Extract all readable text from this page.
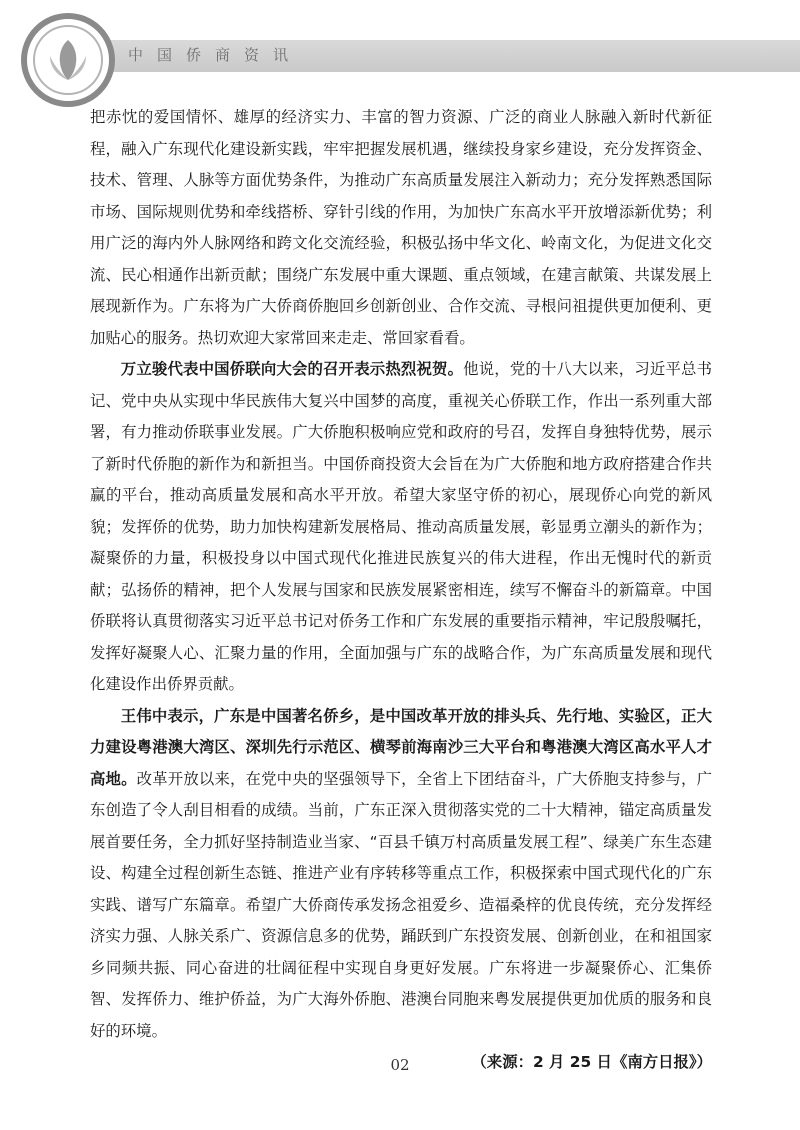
中国侨商资讯

把赤忱的爱国情怀、雄厚的经济实力、丰富的智力资源、广泛的商业人脉融入新时代新征程，融入广东现代化建设新实践，牢牢把握发展机遇，继续投身家乡建设，充分发挥资金、技术、管理、人脉等方面优势条件，为推动广东高质量发展注入新动力；充分发挥熟悉国际市场、国际规则优势和牵线搭桥、穿针引线的作用，为加快广东高水平开放增添新优势；利用广泛的海内外人脉网络和跨文化交流经验，积极弘扬中华文化、岭南文化，为促进文化交流、民心相通作出新贡献；围绕广东发展中重大课题、重点领域，在建言献策、共谋发展上展现新作为。广东将为广大侨商侨胞回乡创新创业、合作交流、寻根问祖提供更加便利、更加贴心的服务。热切欢迎大家常回来走走、常回家看看。

万立骏代表中国侨联向大会的召开表示热烈祝贺。他说，党的十八大以来，习近平总书记、党中央从实现中华民族伟大复兴中国梦的高度，重视关心侨联工作，作出一系列重大部署，有力推动侨联事业发展。广大侨胞积极响应党和政府的号召，发挥自身独特优势，展示了新时代侨胞的新作为和新担当。中国侨商投资大会旨在为广大侨胞和地方政府搭建合作共赢的平台，推动高质量发展和高水平开放。希望大家坚守侨的初心，展现侨心向党的新风貌；发挥侨的优势，助力加快构建新发展格局、推动高质量发展，彰显勇立潮头的新作为；凝聚侨的力量，积极投身以中国式现代化推进民族复兴的伟大进程，作出无愧时代的新贡献；弘扬侨的精神，把个人发展与国家和民族发展紧密相连，续写不懈奋斗的新篇章。中国侨联将认真贯彻落实习近平总书记对侨务工作和广东发展的重要指示精神，牢记殷殷嘱托，发挥好凝聚人心、汇聚力量的作用，全面加强与广东的战略合作，为广东高质量发展和现代化建设作出侨界贡献。

王伟中表示，广东是中国著名侨乡，是中国改革开放的排头兵、先行地、实验区，正大力建设粤港澳大湾区、深圳先行示范区、横琴前海南沙三大平台和粤港澳大湾区高水平人才高地。改革开放以来，在党中央的坚强领导下，全省上下团结奋斗，广大侨胞支持参与，广东创造了令人刮目相看的成绩。当前，广东正深入贯彻落实党的二十大精神，锚定高质量发展首要任务，全力抓好坚持制造业当家、“百县千镇万村高质量发展工程”、绿美广东生态建设、构建全过程创新生态链、推进产业有序转移等重点工作，积极探索中国式现代化的广东实践、谱写广东篇章。希望广大侨商传承发扬念祖爱乡、造福桑梓的优良传统，充分发挥经济实力强、人脉关系广、资源信息多的优势，踊跃到广东投资发展、创新创业，在和祖国家乡同频共振、同心奋进的壮阔征程中实现自身更好发展。广东将进一步凝聚侨心、汇集侨智、发挥侨力、维护侨益，为广大海外侨胞、港澳台同胞来粤发展提供更加优质的服务和良好的环境。

（来源：2 月 25 日《南方日报》）

02
